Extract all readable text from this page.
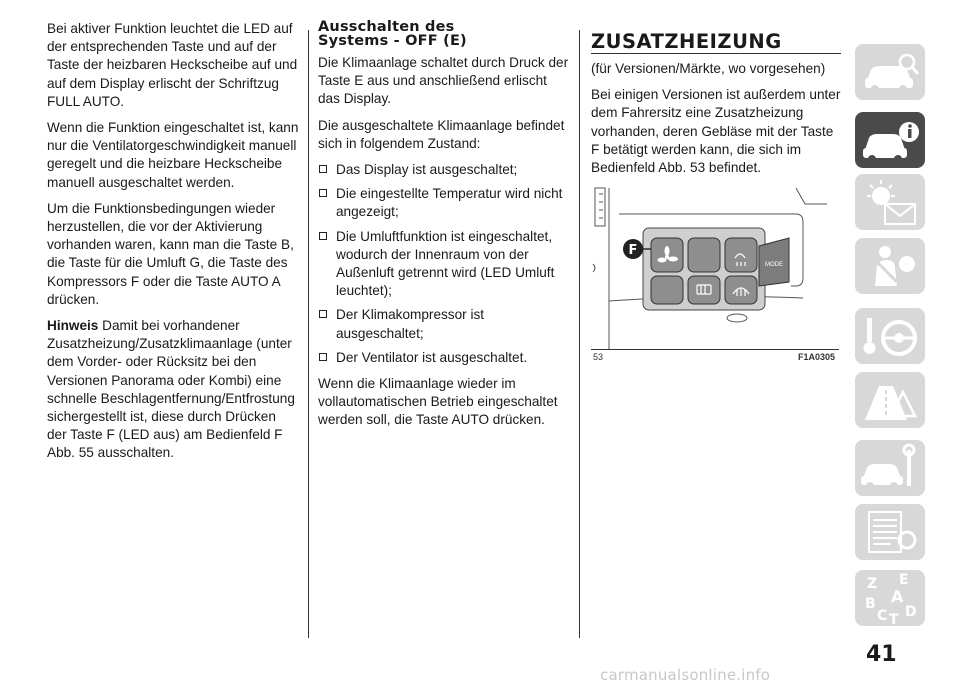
Bei aktiver Funktion leuchtet die LED auf der entsprechenden Taste und auf der Taste der heizbaren Heckscheibe auf und auf dem Display erlischt der Schriftzug FULL AUTO.

Wenn die Funktion eingeschaltet ist, kann nur die Ventilatorgeschwindigkeit manuell geregelt und die heizbare Heckscheibe manuell ausgeschaltet werden.

Um die Funktionsbedingungen wieder herzustellen, die vor der Aktivierung vorhanden waren, kann man die Taste B, die Taste für die Umluft G, die Taste des Kompressors F oder die Taste AUTO A drücken.

Hinweis Damit bei vorhandener Zusatzheizung/Zusatzklimaanlage (unter dem Vorder- oder Rücksitz bei den Versionen Panorama oder Kombi) eine schnelle Beschlagentfernung/Entfrostung sichergestellt ist, diese durch Drücken der Taste F (LED aus) am Bedienfeld F Abb. 55 ausschalten.

Ausschalten des
Systems - OFF (E)

Die Klimaanlage schaltet durch Druck der Taste E aus und anschließend erlischt das Display.

Die ausgeschaltete Klimaanlage befindet sich in folgendem Zustand:

Das Display ist ausgeschaltet;

Die eingestellte Temperatur wird nicht angezeigt;

Die Umluftfunktion ist eingeschaltet, wodurch der Innenraum von der Außenluft getrennt wird (LED Umluft leuchtet);

Der Klimakompressor ist ausgeschaltet;

Der Ventilator ist ausgeschaltet.

Wenn die Klimaanlage wieder im vollautomatischen Betrieb eingeschaltet werden soll, die Taste AUTO drücken.

ZUSATZHEIZUNG

(für Versionen/Märkte, wo vorgesehen)

Bei einigen Versionen ist außerdem unter dem Fahrersitz eine Zusatzheizung vorhanden, deren Gebläse mit der Taste F betätigt werden kann, die sich im Bedienfeld Abb. 53 befindet.

MODE
F
53	F1A0305
Z E
A
B
C T D
41
carmanualsonline.info
